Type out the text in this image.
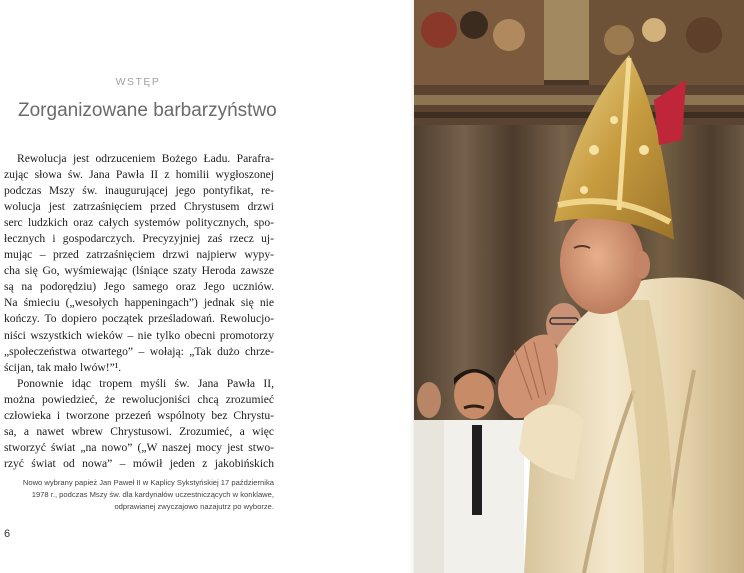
WSTĘP
Zorganizowane barbarzyństwo
Rewolucja jest odrzuceniem Bożego Ładu. Parafra-
zując słowa św. Jana Pawła II z homilii wygłoszonej
podczas Mszy św. inaugurującej jego pontyfikat, re-
wolucja jest zatrzaśnięciem przed Chrystusem drzwi
serc ludzkich oraz całych systemów politycznych, spo-
łecznych i gospodarczych. Precyzyjniej zaś rzecz uj-
mując – przed zatrzaśnięciem drzwi najpierw wypy-
cha się Go, wyśmiewając (lśniące szaty Heroda zawsze
są na podorędziu) Jego samego oraz Jego uczniów.
Na śmieciu („wesołych happeningach”) jednak się nie
kończy. To dopiero początek prześladowań. Rewolucjo-
niści wszystkich wieków – nie tylko obecni promotorzy
„społeczeństwa otwartego” – wołają: „Tak dużo chrze-
ścijan, tak mało lwów!”¹.
Ponownie idąc tropem myśli św. Jana Pawła II,
można powiedzieć, że rewolucjoniści chcą zrozumieć
człowieka i tworzone przezeń wspólnoty bez Chrystu-
sa, a nawet wbrew Chrystusowi. Zrozumieć, a więc
stworzyć świat „na nowo” („W naszej mocy jest stwo-
rzyć świat od nowa” – mówił jeden z jakobińskich
Nowo wybrany papież Jan Paweł II w Kaplicy Sykstyńskiej 17 października
1978 r., podczas Mszy św. dla kardynałów uczestniczących w konklawe,
odprawianej zwyczajowo nazajutrz po wyborze.
6
